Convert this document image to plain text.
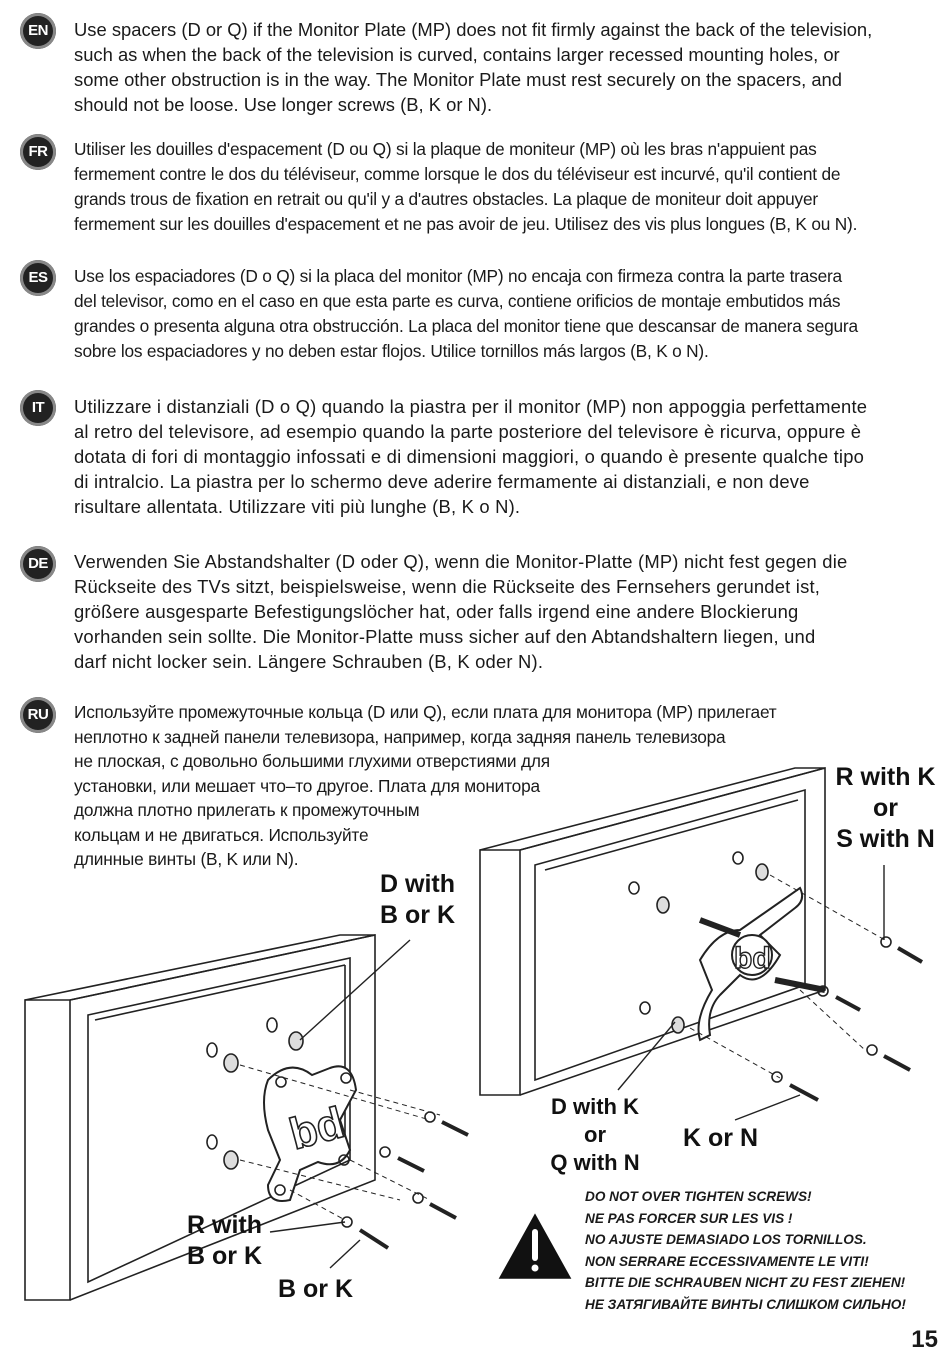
EN	Use spacers (D or Q) if the Monitor Plate (MP) does not fit firmly against the back of the television,
such as when the back of the television is curved, contains larger recessed mounting holes, or
some other obstruction is in the way. The Monitor Plate must rest securely on the spacers, and
should not be loose. Use longer screws (B, K or N).
FR	Utiliser les douilles d'espacement (D ou Q) si la plaque de moniteur (MP) où les bras n'appuient pas
fermement contre le dos du téléviseur, comme lorsque le dos du téléviseur est incurvé, qu'il contient de
grands trous de fixation en retrait ou qu'il y a d'autres obstacles. La plaque de moniteur doit appuyer
fermement sur les douilles d'espacement et ne pas avoir de jeu. Utilisez des vis plus longues (B, K ou N).
ES	Use los espaciadores (D o Q) si la placa del monitor (MP) no encaja con firmeza contra la parte trasera
del televisor, como en el caso en que esta parte es curva, contiene orificios de montaje embutidos más
grandes o presenta alguna otra obstrucción. La placa del monitor tiene que descansar de manera segura
sobre los espaciadores y no deben estar flojos. Utilice tornillos más largos (B, K o N).
IT	Utilizzare i distanziali (D o Q) quando la piastra per il monitor (MP) non appoggia perfettamente
al retro del televisore, ad esempio quando la parte posteriore del televisore è ricurva, oppure è
dotata di fori di montaggio infossati e di dimensioni maggiori, o quando è presente qualche tipo
di intralcio. La piastra per lo schermo deve aderire fermamente ai distanziali, e non deve
risultare allentata. Utilizzare viti più lunghe (B, K o N).
DE	Verwenden Sie Abstandshalter (D oder Q), wenn die Monitor-Platte (MP) nicht fest gegen die
Rückseite des TVs sitzt, beispielsweise, wenn die Rückseite des Fernsehers gerundet ist,
größere ausgesparte Befestigungslöcher hat, oder falls irgend eine andere Blockierung
vorhanden sein sollte. Die Monitor-Platte muss sicher auf den Abtandshaltern liegen, und
darf nicht locker sein. Längere Schrauben (B, K oder N).
RU	Используйте промежуточные кольца (D или Q), если плата для монитора (MP) прилегает
неплотно к задней панели телевизора, например, когда задняя панель телевизора
не плоская, с довольно большими глухими отверстиями для
установки, или мешает что–то другое. Плата для монитора
должна плотно прилегать к промежуточным
кольцам и не двигаться. Используйте
длинные винты (B, K или N).
bd
bd
R with K
or
S with N
D with
B or K
D with K
or
Q with N
K or N
R with
B or K
B or K
DO NOT OVER TIGHTEN SCREWS!
NE PAS FORCER SUR LES VIS !
NO AJUSTE DEMASIADO LOS TORNILLOS.
NON SERRARE ECCESSIVAMENTE LE VITI!
BITTE DIE SCHRAUBEN NICHT ZU FEST ZIEHEN!
НЕ ЗАТЯГИВАЙТЕ ВИНТЫ СЛИШКОМ СИЛЬНО!
15
